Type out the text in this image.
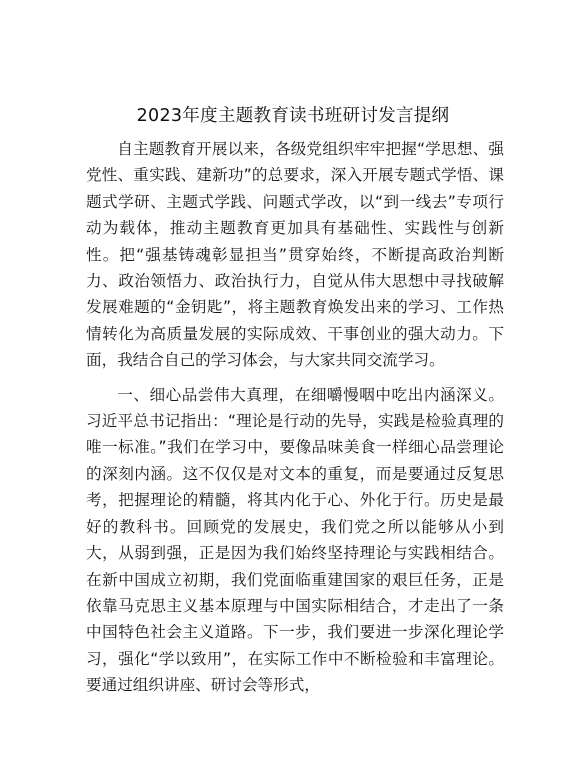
2023年度主题教育读书班研讨发言提纲

自主题教育开展以来，各级党组织牢牢把握“学思想、强党性、重实践、建新功”的总要求，深入开展专题式学悟、课题式学研、主题式学践、问题式学改，以“到一线去”专项行动为载体，推动主题教育更加具有基础性、实践性与创新性。把“强基铸魂彰显担当”贯穿始终，不断提高政治判断力、政治领悟力、政治执行力，自觉从伟大思想中寻找破解发展难题的“金钥匙”，将主题教育焕发出来的学习、工作热情转化为高质量发展的实际成效、干事创业的强大动力。下面，我结合自己的学习体会，与大家共同交流学习。

一、细心品尝伟大真理，在细嚼慢咽中吃出内涵深义。习近平总书记指出：“理论是行动的先导，实践是检验真理的唯一标准。”我们在学习中，要像品味美食一样细心品尝理论的深刻内涵。这不仅仅是对文本的重复，而是要通过反复思考，把握理论的精髓，将其内化于心、外化于行。历史是最好的教科书。回顾党的发展史，我们党之所以能够从小到大，从弱到强，正是因为我们始终坚持理论与实践相结合。在新中国成立初期，我们党面临重建国家的艰巨任务，正是依靠马克思主义基本原理与中国实际相结合，才走出了一条中国特色社会主义道路。下一步，我们要进一步深化理论学习，强化“学以致用”，在实际工作中不断检验和丰富理论。要通过组织讲座、研讨会等形式，
